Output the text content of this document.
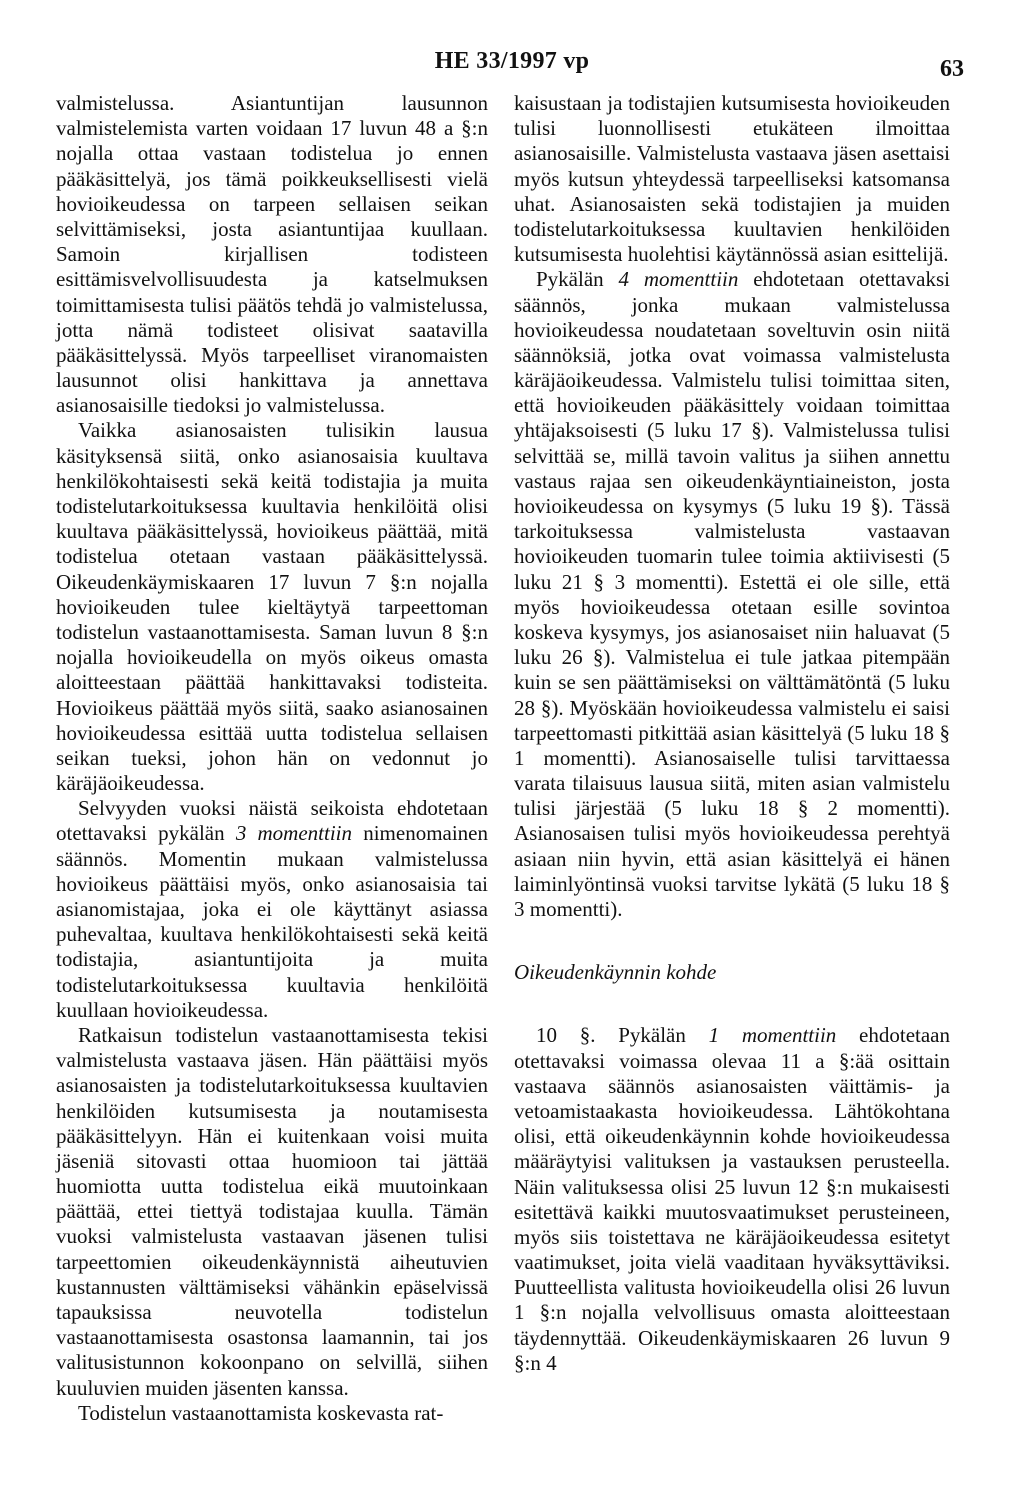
HE 33/1997 vp	63

valmistelussa. Asiantuntijan lausunnon valmistelemista varten voidaan 17 luvun 48 a §:n nojalla ottaa vastaan todistelua jo ennen pääkäsittelyä, jos tämä poikkeuksellisesti vielä hovioikeudessa on tarpeen sellaisen seikan selvittämiseksi, josta asiantuntijaa kuullaan. Samoin kirjallisen todisteen esittämisvelvollisuudesta ja katselmuksen toimittamisesta tulisi päätös tehdä jo valmistelussa, jotta nämä todisteet olisivat saatavilla pääkäsittelyssä. Myös tarpeelliset viranomaisten lausunnot olisi hankittava ja annettava asianosaisille tiedoksi jo valmistelussa.

Vaikka asianosaisten tulisikin lausua käsityksensä siitä, onko asianosaisia kuultava henkilökohtaisesti sekä keitä todistajia ja muita todistelutarkoituksessa kuultavia henkilöitä olisi kuultava pääkäsittelyssä, hovioikeus päättää, mitä todistelua otetaan vastaan pääkäsittelyssä. Oikeudenkäymiskaaren 17 luvun 7 §:n nojalla hovioikeuden tulee kieltäytyä tarpeettoman todistelun vastaanottamisesta. Saman luvun 8 §:n nojalla hovioikeudella on myös oikeus omasta aloitteestaan päättää hankittavaksi todisteita. Hovioikeus päättää myös siitä, saako asianosainen hovioikeudessa esittää uutta todistelua sellaisen seikan tueksi, johon hän on vedonnut jo käräjäoikeudessa.

Selvyyden vuoksi näistä seikoista ehdotetaan otettavaksi pykälän 3 momenttiin nimenomainen säännös. Momentin mukaan valmistelussa hovioikeus päättäisi myös, onko asianosaisia tai asianomistajaa, joka ei ole käyttänyt asiassa puhevaltaa, kuultava henkilökohtaisesti sekä keitä todistajia, asiantuntijoita ja muita todistelutarkoituksessa kuultavia henkilöitä kuullaan hovioikeudessa.

Ratkaisun todistelun vastaanottamisesta tekisi valmistelusta vastaava jäsen. Hän päättäisi myös asianosaisten ja todistelutarkoituksessa kuultavien henkilöiden kutsumisesta ja noutamisesta pääkäsittelyyn. Hän ei kuitenkaan voisi muita jäseniä sitovasti ottaa huomioon tai jättää huomiotta uutta todistelua eikä muutoinkaan päättää, ettei tiettyä todistajaa kuulla. Tämän vuoksi valmistelusta vastaavan jäsenen tulisi tarpeettomien oikeudenkäynnistä aiheutuvien kustannusten välttämiseksi vähänkin epäselvissä tapauksissa neuvotella todistelun vastaanottamisesta osastonsa laamannin, tai jos valitusistunnon kokoonpano on selvillä, siihen kuuluvien muiden jäsenten kanssa.

Todistelun vastaanottamista koskevasta rat-

kaisustaan ja todistajien kutsumisesta hovioikeuden tulisi luonnollisesti etukäteen ilmoittaa asianosaisille. Valmistelusta vastaava jäsen asettaisi myös kutsun yhteydessä tarpeelliseksi katsomansa uhat. Asianosaisten sekä todistajien ja muiden todistelutarkoituksessa kuultavien henkilöiden kutsumisesta huolehtisi käytännössä asian esittelijä.

Pykälän 4 momenttiin ehdotetaan otettavaksi säännös, jonka mukaan valmistelussa hovioikeudessa noudatetaan soveltuvin osin niitä säännöksiä, jotka ovat voimassa valmistelusta käräjäoikeudessa. Valmistelu tulisi toimittaa siten, että hovioikeuden pääkäsittely voidaan toimittaa yhtäjaksoisesti (5 luku 17 §). Valmistelussa tulisi selvittää se, millä tavoin valitus ja siihen annettu vastaus rajaa sen oikeudenkäyntiaineiston, josta hovioikeudessa on kysymys (5 luku 19 §). Tässä tarkoituksessa valmistelusta vastaavan hovioikeuden tuomarin tulee toimia aktiivisesti (5 luku 21 § 3 momentti). Estettä ei ole sille, että myös hovioikeudessa otetaan esille sovintoa koskeva kysymys, jos asianosaiset niin haluavat (5 luku 26 §). Valmistelua ei tule jatkaa pitempään kuin se sen päättämiseksi on välttämätöntä (5 luku 28 §). Myöskään hovioikeudessa valmistelu ei saisi tarpeettomasti pitkittää asian käsittelyä (5 luku 18 § 1 momentti). Asianosaiselle tulisi tarvittaessa varata tilaisuus lausua siitä, miten asian valmistelu tulisi järjestää (5 luku 18 § 2 momentti). Asianosaisen tulisi myös hovioikeudessa perehtyä asiaan niin hyvin, että asian käsittelyä ei hänen laiminlyöntinsä vuoksi tarvitse lykätä (5 luku 18 § 3 momentti).

Oikeudenkäynnin kohde

10 §. Pykälän 1 momenttiin ehdotetaan otettavaksi voimassa olevaa 11 a §:ää osittain vastaava säännös asianosaisten väittämis- ja vetoamistaakasta hovioikeudessa. Lähtökohtana olisi, että oikeudenkäynnin kohde hovioikeudessa määräytyisi valituksen ja vastauksen perusteella. Näin valituksessa olisi 25 luvun 12 §:n mukaisesti esitettävä kaikki muutosvaatimukset perusteineen, myös siis toistettava ne käräjäoikeudessa esitetyt vaatimukset, joita vielä vaaditaan hyväksyttäviksi. Puutteellista valitusta hovioikeudella olisi 26 luvun 1 §:n nojalla velvollisuus omasta aloitteestaan täydennyttää. Oikeudenkäymiskaaren 26 luvun 9 §:n 4
